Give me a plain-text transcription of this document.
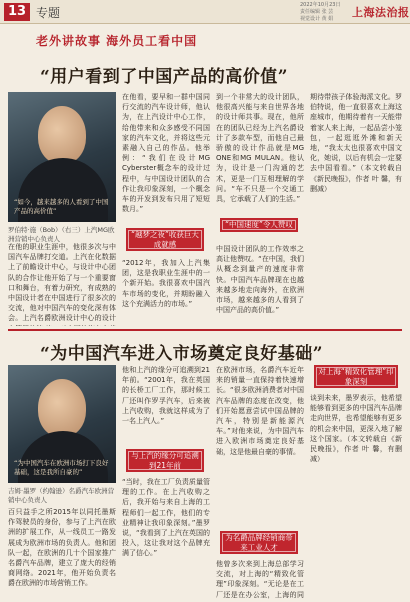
13 专题
2022年10月23日
责任编辑 张 芸
视觉设计 黄 娟	上海法治报
老外讲故事 海外员工看中国
“用户看到了中国产品的高价值”
“如今，越来越多的人看到了中国产品的高价值”
罗伯特·施（Bob）（右三）上汽MG欧洲营销中心负责人
在他的职业生涯中，他很多次与中国汽车品牌打交道。上汽在化数据上了前瞻设计中心，与设计中心团队的合作让他开始了与一个重要窗口和舞台，有着力研究，有成熟的中国设计者在中国进行了很多次的交流，他对中国汽车的变化深有体会。上汽名爵欧洲设计中心的设计
在他看，要早和一群中国同行交流的汽车设计师，他认为，在上汽设计中心工作，给他带来和众多感受不同国家的汽车文化，并将这些元素融入自己的作品。他举例：“我们在设计MG Cyberster概念车的设计过程中，与中国设计团队的合作让我印象深刻，一个概念车的开发到发布只用了短短数月。”
“越梦之夜”收获巨大成就感
“2012年，我加入上汽集团，这是我职业生涯中的一个新开始。我很喜欢中国汽车市场的变化，并期盼融入这个充满活力的市场。”
到一个非常大的设计团队，他很高兴能与来自世界各地的设计师共事。现在，他所在的团队已经为上汽名爵设计了多款车型，而他自己最骄傲的设计作品就是MG ONE和MG MULAN。他认为，设计是一门沟通的艺术，更是一门互相理解的学问。“车不只是一个交通工具，它承载了人们的生活。”
“中国速度”令人赞叹
中国设计团队的工作效率之高让他赞叹。“在中国，我们从概念到量产的速度非常快。中国汽车品牌现在也越来越多地走向海外，在欧洲市场，越来越多的人看到了中国产品的高价值。”
期待带孩子体验海派文化。罗伯特说，他一直很喜欢上海这座城市，他期待着有一天能带着家人来上海，一起品尝小笼包，一起逛逛外滩和新天地，“我太太也很喜欢中国文化，她说，以后有机会一定要去中国看看。”（本文转载自《新民晚报》，作者 叶 馨，有删减）
“为中国汽车进入市场奠定良好基础”
“为中国汽车在欧洲市场打下良好基础，这是我所自豪的”
吉姆·墨罗（约翰逊）名爵汽车欧洲营销中心负责人
百只益手之所2015年以同托墨斯作驾驶员的身份，参与了上汽在欧洲的扩展工作，从一线员工一路发展成为欧洲市场的负责人。他和团队一起，在欧洲的几十个国家推广名爵汽车品牌，建立了庞大的经销商网络。2021年，他开始负责名爵在欧洲的市场营销工作。
他和上汽的缘分可追溯到21年前。“2001年，我在英国的长桥工厂工作，那时候工厂还叫作罗孚汽车，后来被上汽收购，我就这样成为了一名上汽人。”
与上汽的缘分可追溯到21年前
“当时，我在工厂负责质量管理的工作。在上汽收购之后，我开始与来自上海的工程师们一起工作，他们的专业精神让我印象深刻。”墨罗说，“我看到了上汽在英国的投入，这让我对这个品牌充满了信心。”
在欧洲市场，名爵汽车近年来的销量一直保持着快速增长。“很多欧洲消费者对中国汽车品牌的态度在改变，他们开始愿意尝试中国品牌的汽车，特别是新能源汽车。”对他来说，为中国汽车进入欧洲市场奠定良好基础，这是他最自豪的事情。
为名爵品牌经销商带来工业人才
他曾多次来到上海总部学习交流，对上海的“精致化管理”印象深刻。“无论是在工厂还是在办公室，上海的同
对上海“精致化管理”印象深刻
谈到未来，墨罗表示，他希望能够看到更多的中国汽车品牌走向世界，也希望能够有更多的机会来中国，更深入地了解这个国家。（本文转载自《新民晚报》，作者 叶 馨，有删减）
